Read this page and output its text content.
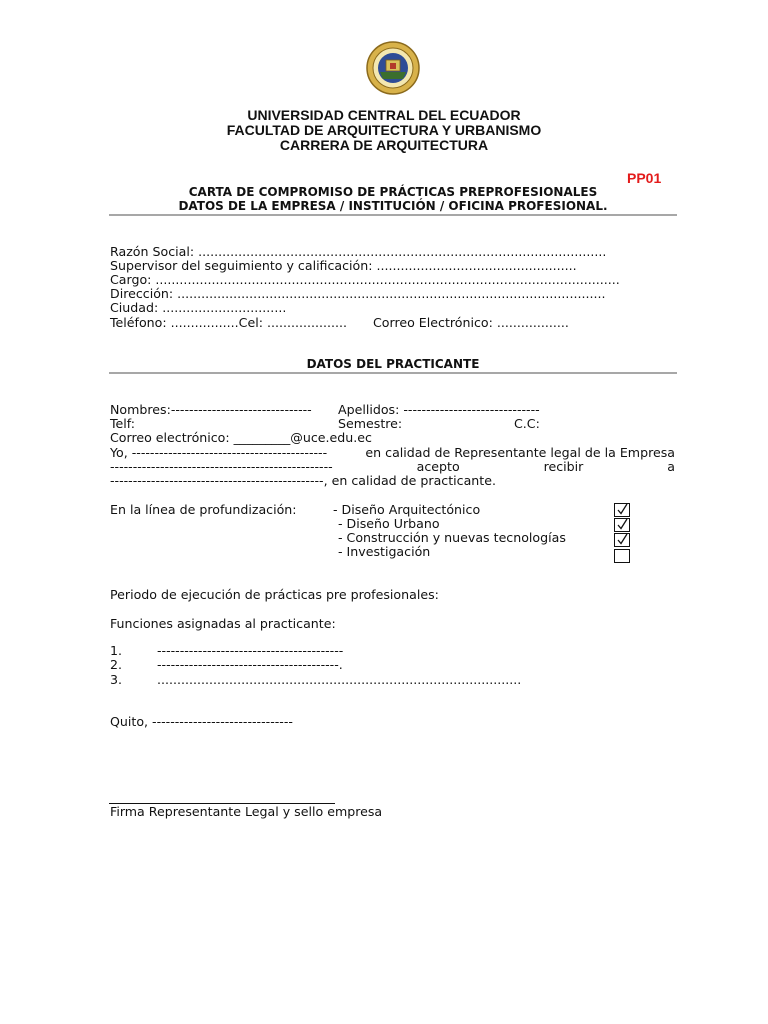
UNIVERSIDAD CENTRAL DEL ECUADOR
FACULTAD DE ARQUITECTURA Y URBANISMO
CARRERA DE ARQUITECTURA
PP01
CARTA DE COMPROMISO DE PRÁCTICAS PREPROFESIONALES
DATOS DE LA EMPRESA / INSTITUCIÓN / OFICINA PROFESIONAL.
Razón Social: ......................................................................................................
Supervisor del seguimiento y calificación: ..................................................
Cargo: ....................................................................................................................
Dirección: ...........................................................................................................
Ciudad: ...............................
Teléfono: .................Cel: .................... Correo Electrónico: ..................
DATOS DEL PRACTICANTE
Nombres:------------------------------- Apellidos: ------------------------------
Telf:	Semestre:	C.C:
Correo electrónico: _________@uce.edu.ec
Yo, -------------------------------------------	en calidad de Representante legal de la Empresa
-------------------------------------------------	acepto	recibir	a
-----------------------------------------------, en calidad de practicante.
En la línea de profundización:	- Diseño Arquitectónico
- Diseño Urbano
- Construcción y nuevas tecnologías
- Investigación
Periodo de ejecución de prácticas pre profesionales:
Funciones asignadas al practicante:
1.	-----------------------------------------
2.	----------------------------------------.
3.	...........................................................................................
Quito, -------------------------------
Firma Representante Legal y sello empresa
